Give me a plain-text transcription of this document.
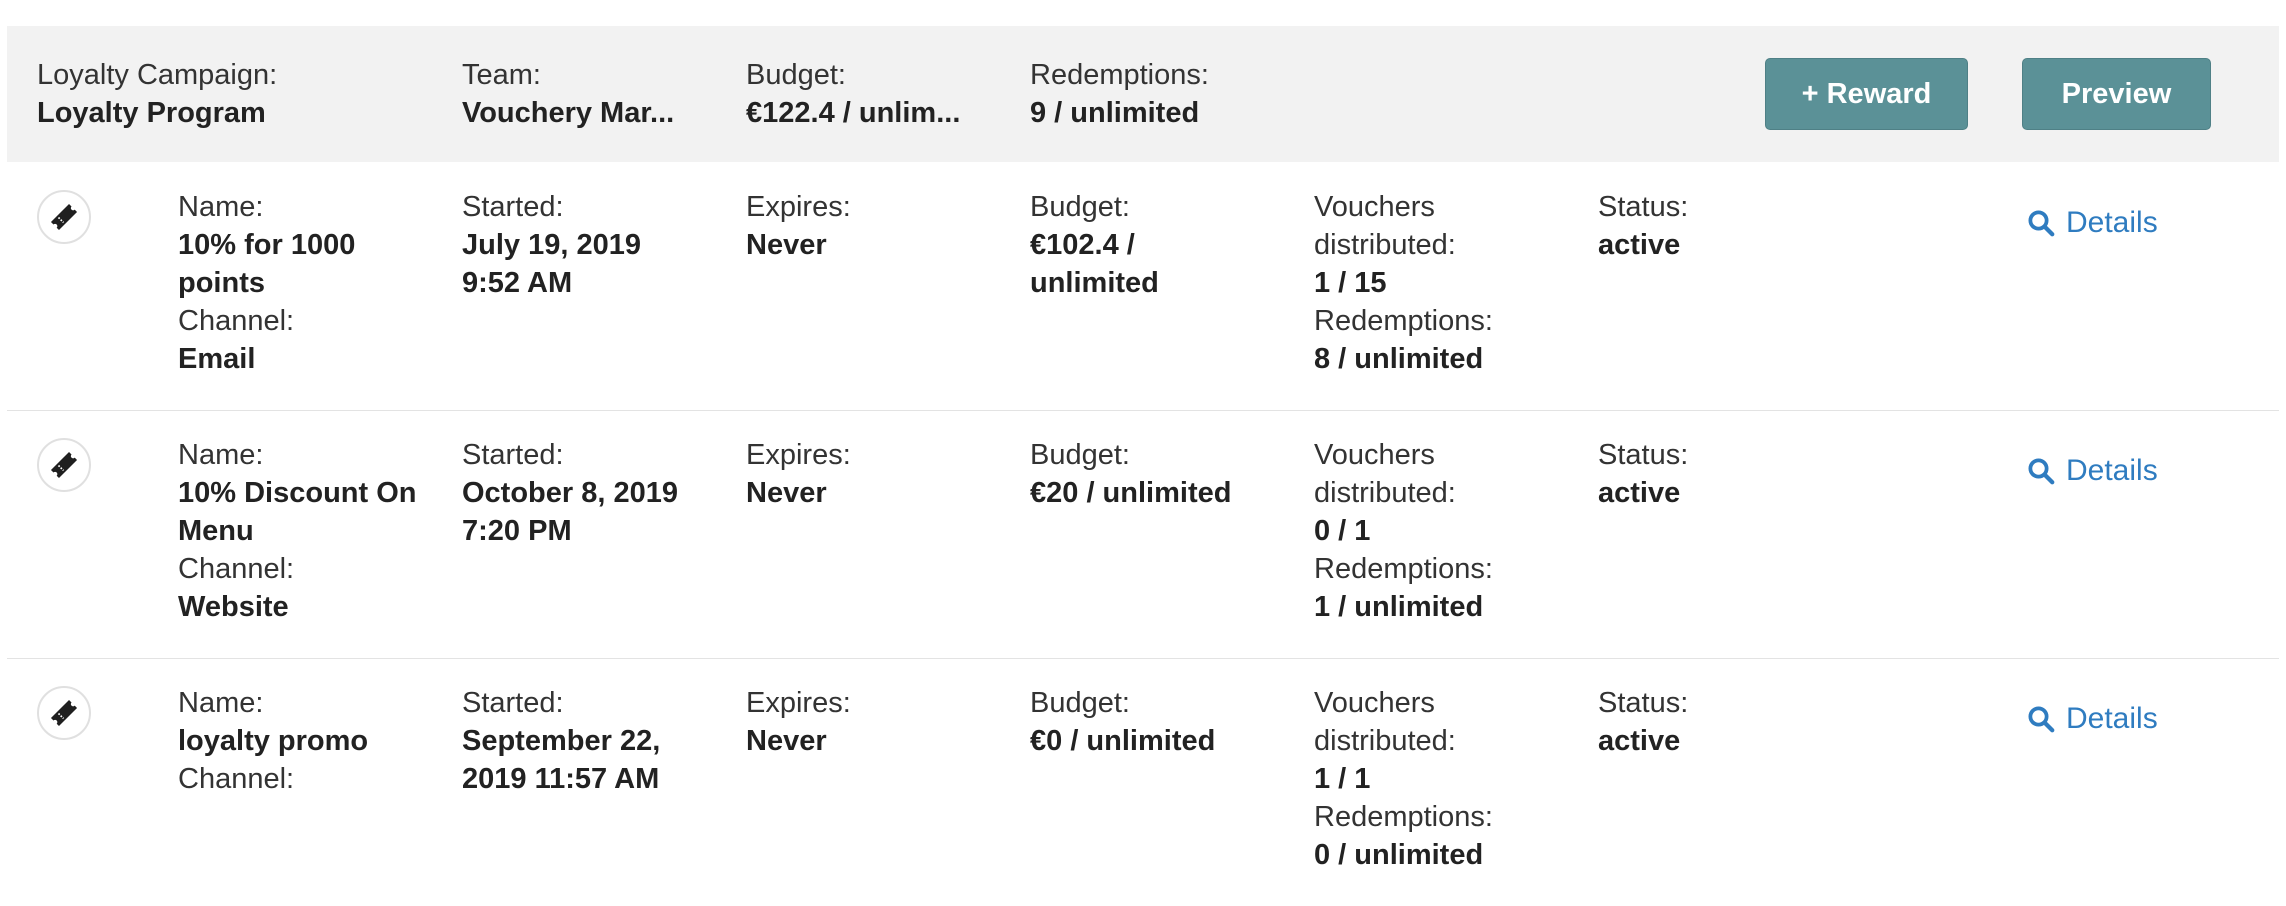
Loyalty Campaign:
Loyalty Program
Team:
Vouchery Mar...
Budget:
€122.4 / unlim...
Redemptions:
9 / unlimited
+ Reward	Preview
Name:
10% for 1000 points
Channel:
Email
Started:
July 19, 2019 9:52 AM
Expires:
Never
Budget:
€102.4 / unlimited
Vouchers distributed:
1 / 15
Redemptions:
8 / unlimited
Status:
active
Details
Name:
10% Discount On Menu
Channel:
Website
Started:
October 8, 2019 7:20 PM
Expires:
Never
Budget:
€20 / unlimited
Vouchers distributed:
0 / 1
Redemptions:
1 / unlimited
Status:
active
Details
Name:
loyalty promo
Channel:
Started:
September 22, 2019 11:57 AM
Expires:
Never
Budget:
€0 / unlimited
Vouchers distributed:
1 / 1
Redemptions:
0 / unlimited
Status:
active
Details
